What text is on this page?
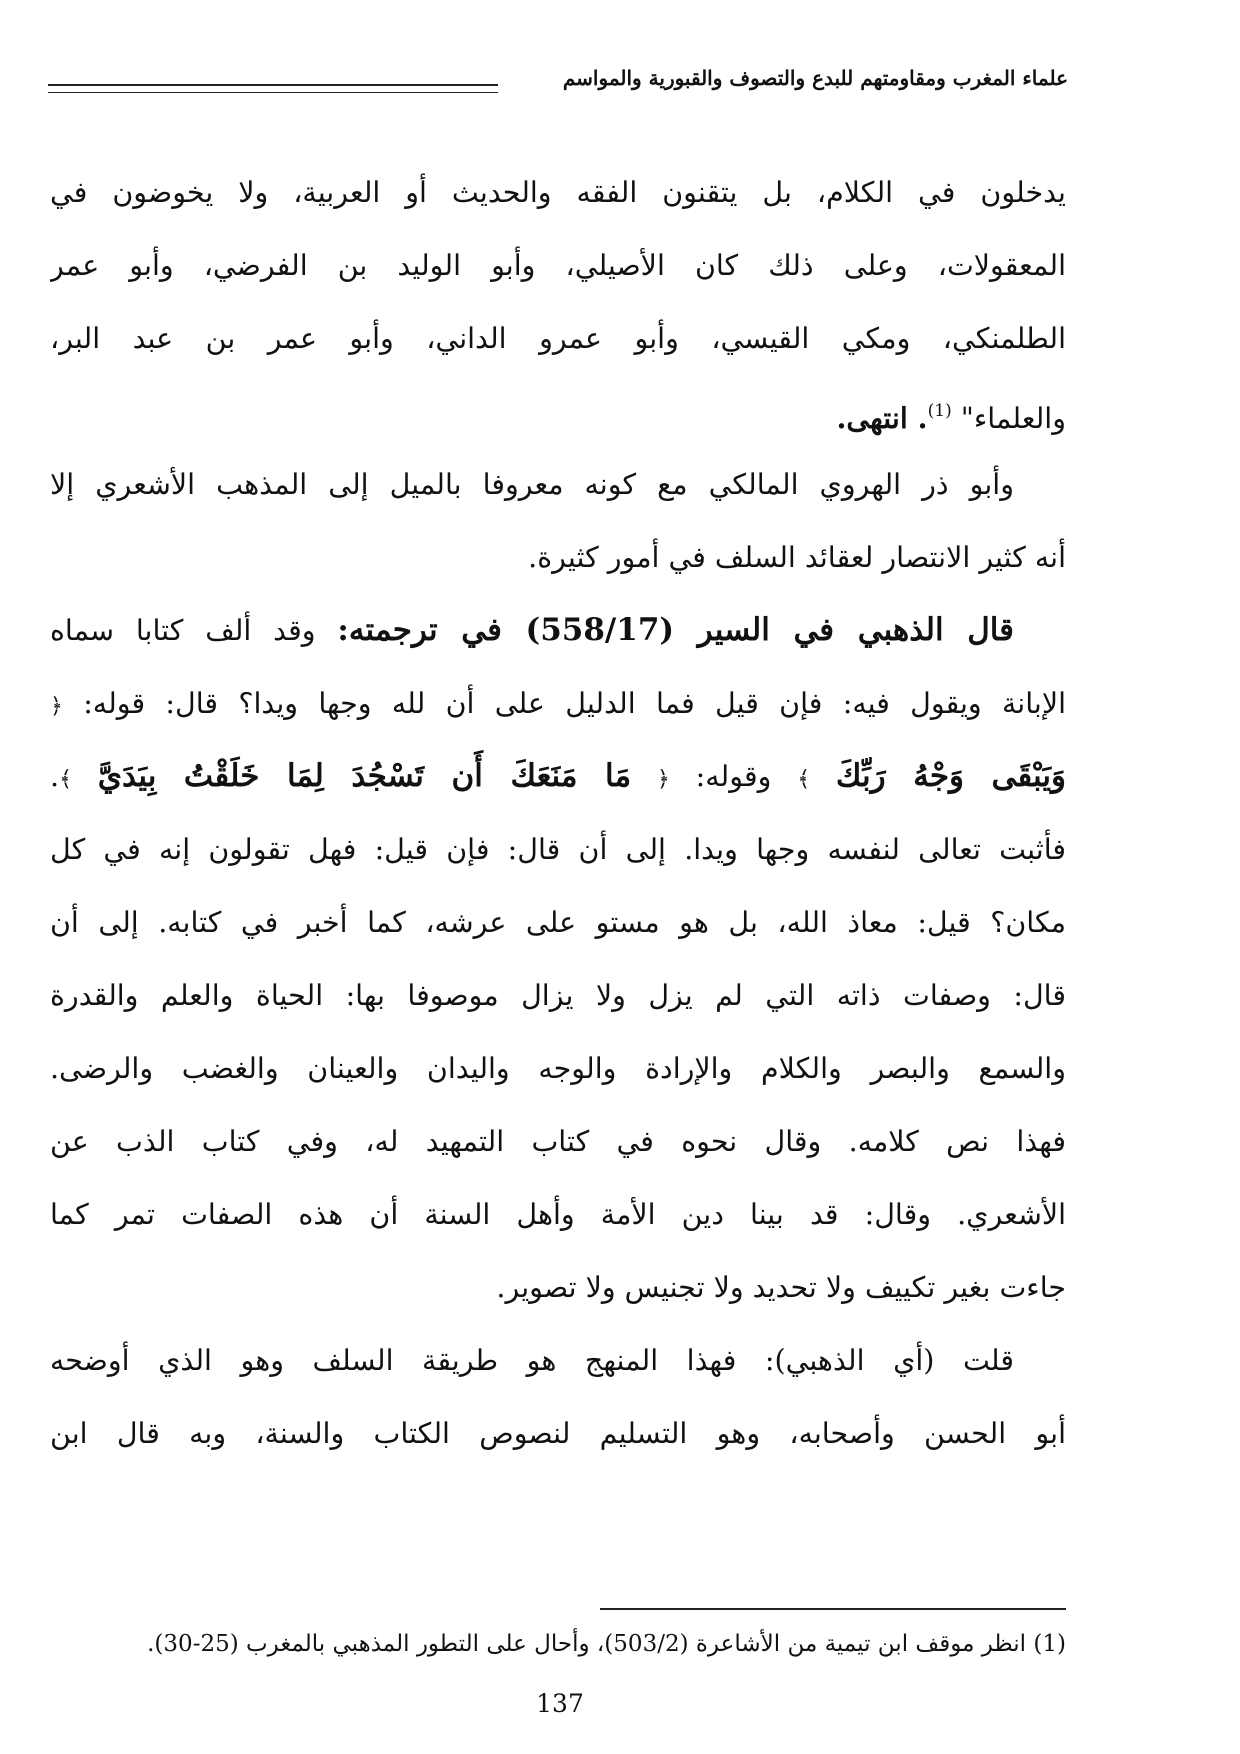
علماء المغرب ومقاومتهم للبدع والتصوف والقبورية والمواسم
يدخلون في الكلام، بل يتقنون الفقه والحديث أو العربية، ولا يخوضون في
المعقولات، وعلى ذلك كان الأصيلي، وأبو الوليد بن الفرضي، وأبو عمر
الطلمنكي، ومكي القيسي، وأبو عمرو الداني، وأبو عمر بن عبد البر،
والعلماء" $^{(1)}$. انتهى.
وأبو ذر الهروي المالكي مع كونه معروفا بالميل إلى المذهب الأشعري إلا
أنه كثير الانتصار لعقائد السلف في أمور كثيرة.
قال الذهبي في السير (558/17) في ترجمته: وقد ألف كتابا سماه
الإبانة ويقول فيه: فإن قيل فما الدليل على أن لله وجها ويدا؟ قال: قوله: ﴿
وَيَبْقَى وَجْهُ رَبِّكَ ﴾ وقوله: ﴿ مَا مَنَعَكَ أَن تَسْجُدَ لِمَا خَلَقْتُ بِيَدَيَّ ﴾.
فأثبت تعالى لنفسه وجها ويدا. إلى أن قال: فإن قيل: فهل تقولون إنه في كل
مكان؟ قيل: معاذ الله، بل هو مستو على عرشه، كما أخبر في كتابه. إلى أن
قال: وصفات ذاته التي لم يزل ولا يزال موصوفا بها: الحياة والعلم والقدرة
والسمع والبصر والكلام والإرادة والوجه واليدان والعينان والغضب والرضى.
فهذا نص كلامه. وقال نحوه في كتاب التمهيد له، وفي كتاب الذب عن
الأشعري. وقال: قد بينا دين الأمة وأهل السنة أن هذه الصفات تمر كما
جاءت بغير تكييف ولا تحديد ولا تجنيس ولا تصوير.
قلت (أي الذهبي): فهذا المنهج هو طريقة السلف وهو الذي أوضحه
أبو الحسن وأصحابه، وهو التسليم لنصوص الكتاب والسنة، وبه قال ابن
(1) انظر موقف ابن تيمية من الأشاعرة (503/2)، وأحال على التطور المذهبي بالمغرب (25-30).
137
